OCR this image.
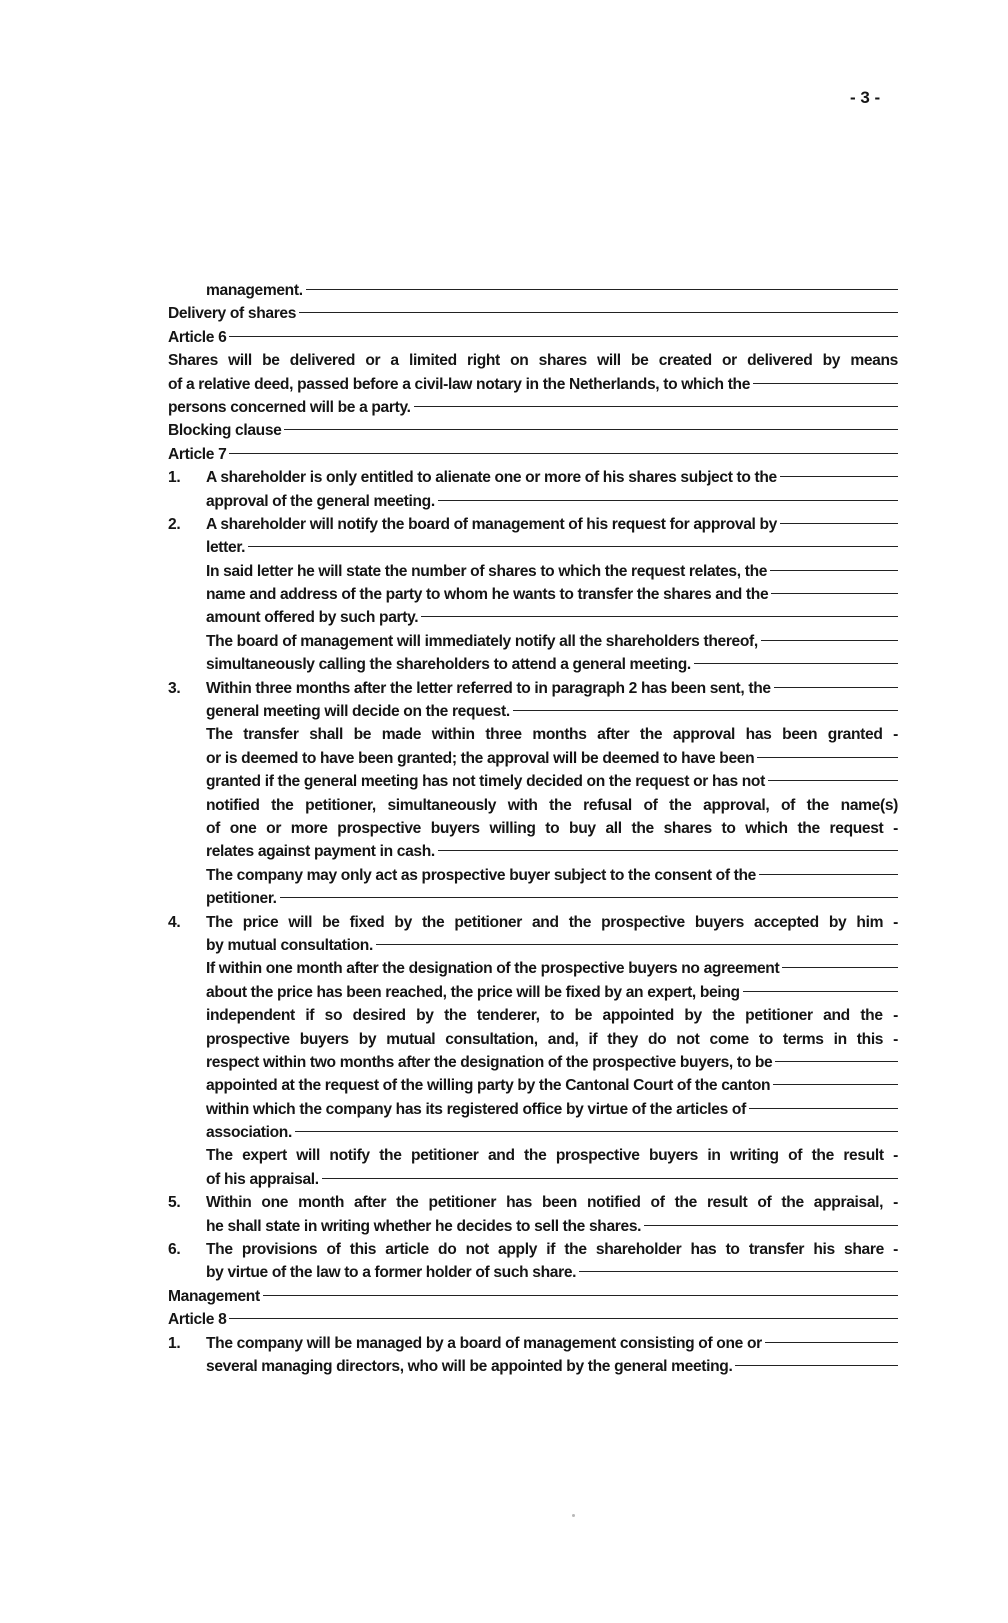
- 3 -
management.
Delivery of shares
Article 6
Shares will be delivered or a limited right on shares will be created or delivered by means
of a relative deed, passed before a civil-law notary in the Netherlands, to which the
persons concerned will be a party.
Blocking clause
Article 7
1. A shareholder is only entitled to alienate one or more of his shares subject to the
approval of the general meeting.
2. A shareholder will notify the board of management of his request for approval by
letter.
In said letter he will state the number of shares to which the request relates, the
name and address of the party to whom he wants to transfer the shares and the
amount offered by such party.
The board of management will immediately notify all the shareholders thereof,
simultaneously calling the shareholders to attend a general meeting.
3. Within three months after the letter referred to in paragraph 2 has been sent, the
general meeting will decide on the request.
The transfer shall be made within three months after the approval has been granted -
or is deemed to have been granted; the approval will be deemed to have been
granted if the general meeting has not timely decided on the request or has not
notified the petitioner, simultaneously with the refusal of the approval, of the name(s)
of one or more prospective buyers willing to buy all the shares to which the request -
relates against payment in cash.
The company may only act as prospective buyer subject to the consent of the
petitioner.
4. The price will be fixed by the petitioner and the prospective buyers accepted by him -
by mutual consultation.
If within one month after the designation of the prospective buyers no agreement
about the price has been reached, the price will be fixed by an expert, being
independent if so desired by the tenderer, to be appointed by the petitioner and the -
prospective buyers by mutual consultation, and, if they do not come to terms in this -
respect within two months after the designation of the prospective buyers, to be
appointed at the request of the willing party by the Cantonal Court of the canton
within which the company has its registered office by virtue of the articles of
association.
The expert will notify the petitioner and the prospective buyers in writing of the result -
of his appraisal.
5. Within one month after the petitioner has been notified of the result of the appraisal, -
he shall state in writing whether he decides to sell the shares.
6. The provisions of this article do not apply if the shareholder has to transfer his share -
by virtue of the law to a former holder of such share.
Management
Article 8
1. The company will be managed by a board of management consisting of one or
several managing directors, who will be appointed by the general meeting.
